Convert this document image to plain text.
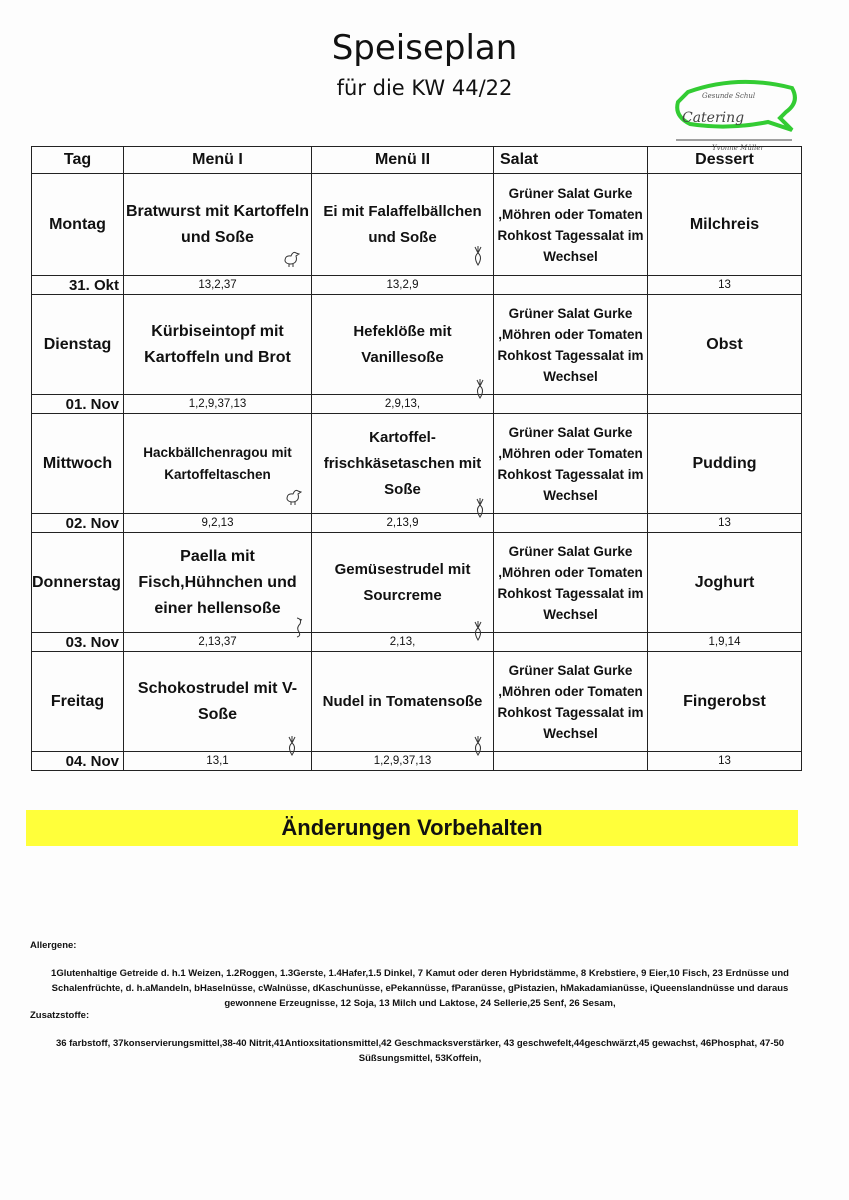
Speiseplan
für die KW 44/22	Gesunde Schul
Catering
Yvonne Müller
Tag	Menü I	Menü II	Salat	Dessert
Montag	Bratwurst mit Kartoffeln und Soße	Ei mit Falaffelbällchen und Soße	Grüner Salat Gurke ,Möhren oder Tomaten Rohkost Tagessalat im Wechsel	Milchreis
31. Okt	13,2,37	13,2,9		13
Dienstag	Kürbiseintopf mit Kartoffeln und Brot	Hefeklöße mit Vanillesoße	Grüner Salat Gurke ,Möhren oder Tomaten Rohkost Tagessalat im Wechsel	Obst
01. Nov	1,2,9,37,13	2,9,13,		
Mittwoch	Hackbällchenragou mit Kartoffeltaschen	Kartoffel-frischkäsetaschen mit Soße	Grüner Salat Gurke ,Möhren oder Tomaten Rohkost Tagessalat im Wechsel	Pudding
02. Nov	9,2,13	2,13,9		13
Donnerstag	Paella mit Fisch,Hühnchen und einer hellensoße	Gemüsestrudel mit Sourcreme	Grüner Salat Gurke ,Möhren oder Tomaten Rohkost Tagessalat im Wechsel	Joghurt
03. Nov	2,13,37	2,13,		1,9,14
Freitag	Schokostrudel mit V-Soße	Nudel in Tomatensoße	Grüner Salat Gurke ,Möhren oder Tomaten Rohkost Tagessalat im Wechsel	Fingerobst
04. Nov	13,1	1,2,9,37,13		13
Änderungen Vorbehalten
Allergene:
1Glutenhaltige Getreide d. h.1 Weizen, 1.2Roggen, 1.3Gerste, 1.4Hafer,1.5 Dinkel, 7 Kamut oder deren Hybridstämme, 8 Krebstiere, 9 Eier,10 Fisch, 23 Erdnüsse und Schalenfrüchte, d. h.aMandeln, bHaselnüsse, cWalnüsse, dKaschunüsse, ePekannüsse, fParanüsse, gPistazien, hMakadamianüsse, iQueenslandnüsse und daraus gewonnene Erzeugnisse, 12 Soja, 13 Milch und Laktose, 24 Sellerie,25 Senf, 26 Sesam,
Zusatzstoffe:
36 farbstoff, 37konservierungsmittel,38-40 Nitrit,41Antioxsitationsmittel,42 Geschmacksverstärker, 43 geschwefelt,44geschwärzt,45 gewachst, 46Phosphat, 47-50 Süßsungsmittel, 53Koffein,
